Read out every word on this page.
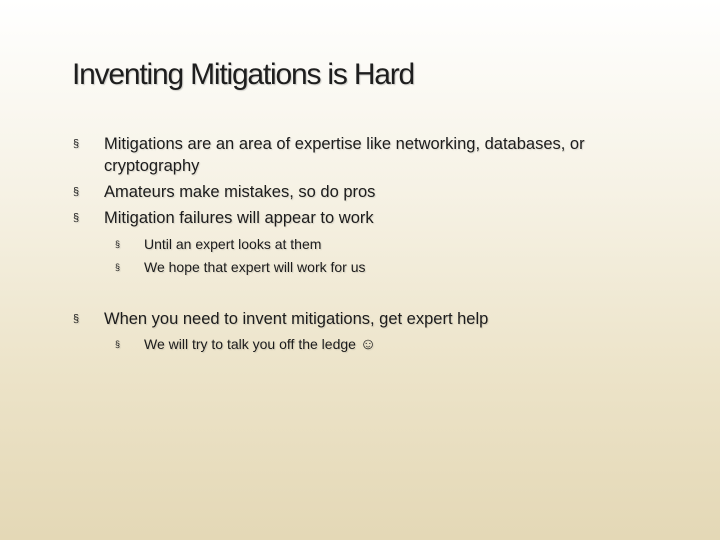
Inventing Mitigations is Hard
§ Mitigations are an area of expertise like networking, databases, or cryptography
§ Amateurs make mistakes, so do pros
§ Mitigation failures will appear to work
§ Until an expert looks at them
§ We hope that expert will work for us
§ When you need to invent mitigations, get expert help
§ We will try to talk you off the ledge ☺
